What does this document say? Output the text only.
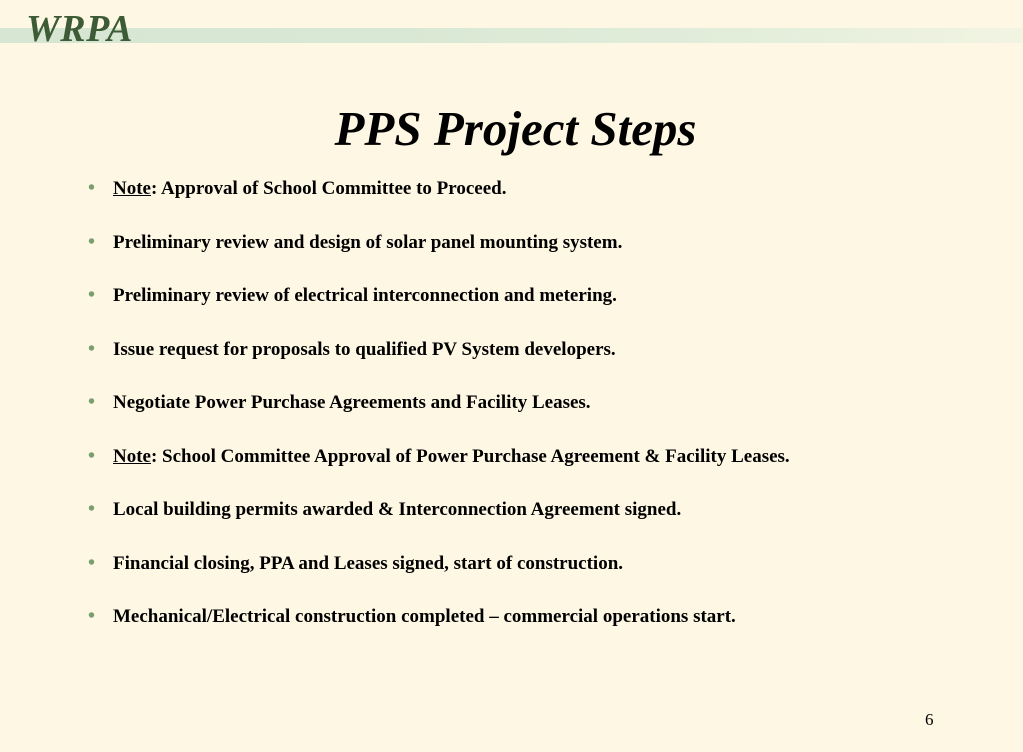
WRPA
PPS Project Steps
• Note: Approval of School Committee to Proceed.
• Preliminary review and design of solar panel mounting system.
• Preliminary review of electrical interconnection and metering.
• Issue request for proposals to qualified PV System developers.
• Negotiate Power Purchase Agreements and Facility Leases.
• Note: School Committee Approval of Power Purchase Agreement & Facility Leases.
• Local building permits awarded & Interconnection Agreement signed.
• Financial closing, PPA and Leases signed, start of construction.
• Mechanical/Electrical construction completed – commercial operations start.
6
